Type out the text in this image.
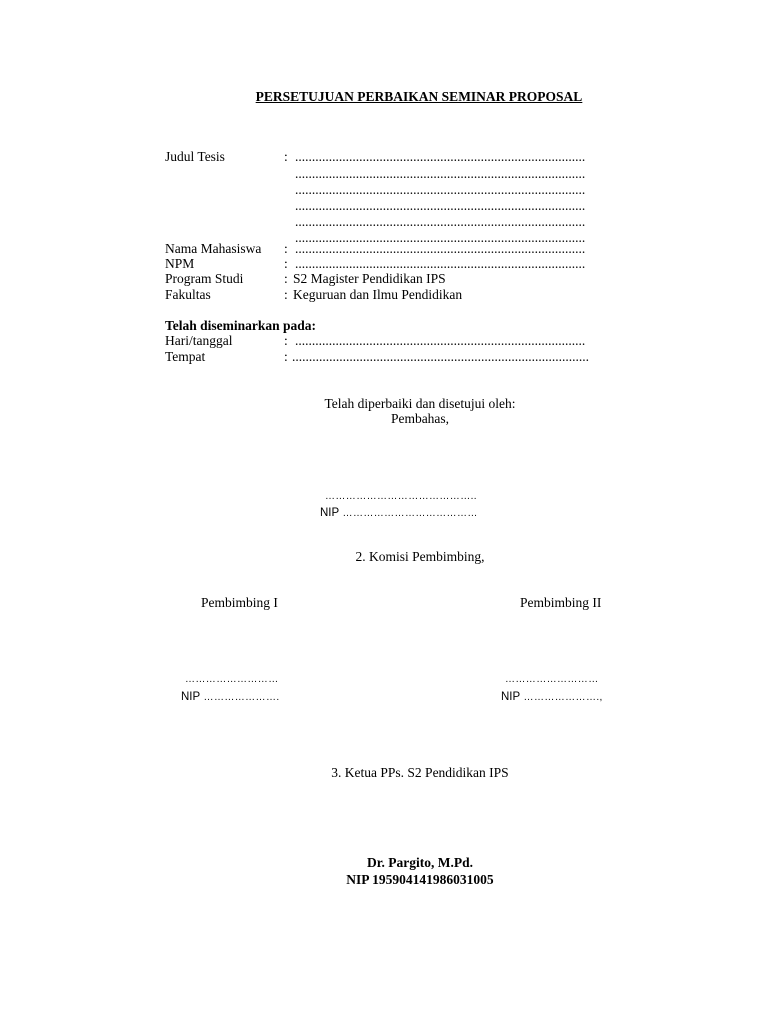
PERSETUJUAN PERBAIKAN SEMINAR PROPOSAL
Judul Tesis	: ......................................................................................
......................................................................................
......................................................................................
......................................................................................
......................................................................................
......................................................................................
Nama Mahasiswa : ......................................................................................
NPM	: ......................................................................................
Program Studi	: S2 Magister Pendidikan IPS
Fakultas	: Keguruan dan Ilmu Pendidikan
Telah diseminarkan pada:
Hari/tanggal	: ......................................................................................
Tempat	: ........................................................................................
Telah diperbaiki dan disetujui oleh:
Pembahas,
……………………………………..
NIP …………………………………
2. Komisi Pembimbing,
Pembimbing I	Pembimbing II
………………………	………………………
NIP ………………….	NIP ………………….,
3. Ketua PPs. S2 Pendidikan IPS
Dr. Pargito, M.Pd.
NIP 195904141986031005
